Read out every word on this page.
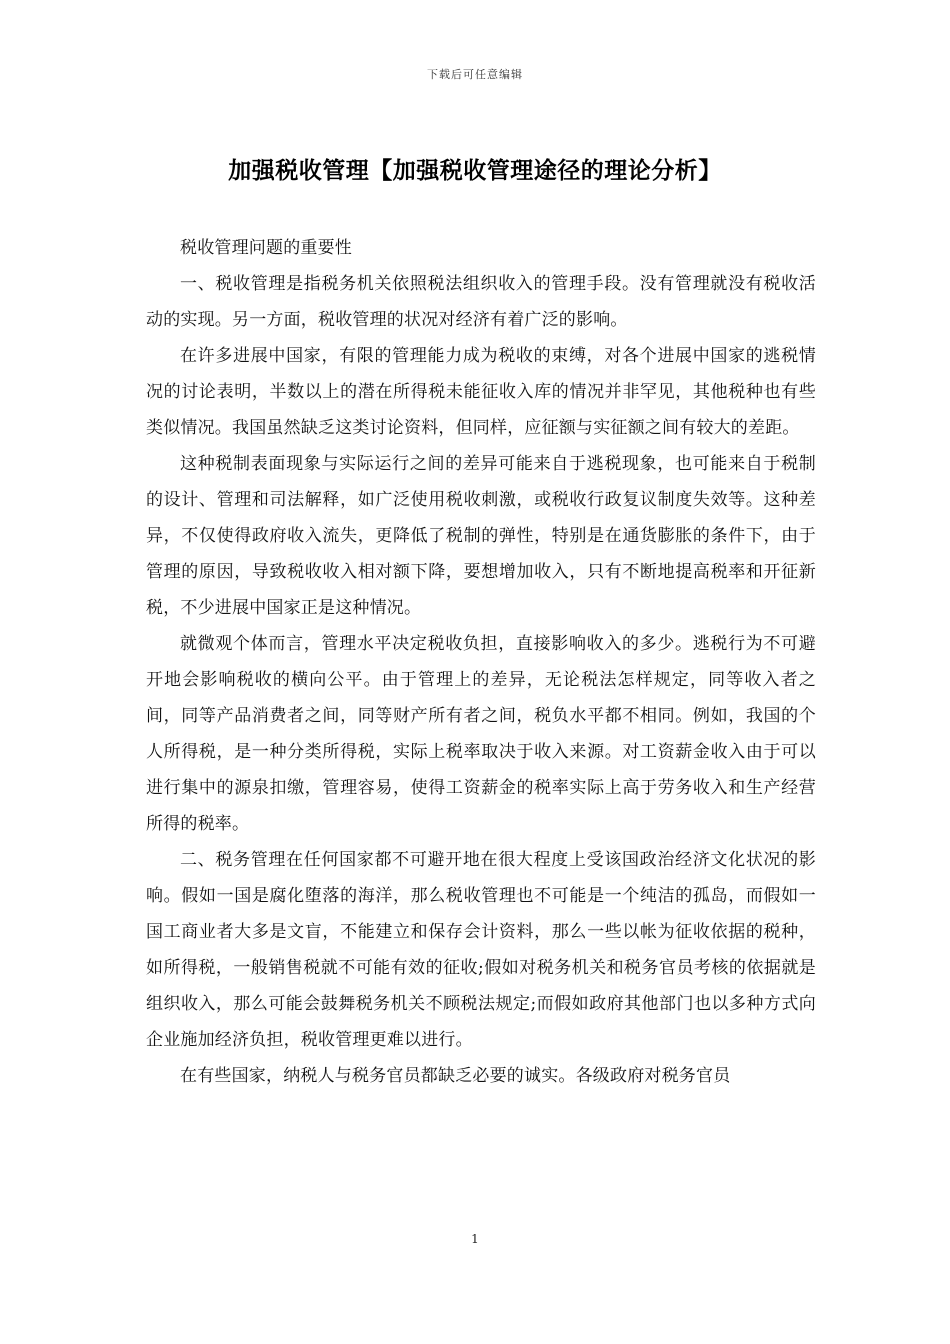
下载后可任意编辑
加强税收管理【加强税收管理途径的理论分析】

税收管理问题的重要性

一、税收管理是指税务机关依照税法组织收入的管理手段。没有管理就没有税收活动的实现。另一方面，税收管理的状况对经济有着广泛的影响。

在许多进展中国家，有限的管理能力成为税收的束缚，对各个进展中国家的逃税情况的讨论表明，半数以上的潜在所得税未能征收入库的情况并非罕见，其他税种也有些类似情况。我国虽然缺乏这类讨论资料，但同样，应征额与实征额之间有较大的差距。

这种税制表面现象与实际运行之间的差异可能来自于逃税现象，也可能来自于税制的设计、管理和司法解释，如广泛使用税收刺激，或税收行政复议制度失效等。这种差异，不仅使得政府收入流失，更降低了税制的弹性，特别是在通货膨胀的条件下，由于管理的原因，导致税收收入相对额下降，要想增加收入，只有不断地提高税率和开征新税，不少进展中国家正是这种情况。

就微观个体而言，管理水平决定税收负担，直接影响收入的多少。逃税行为不可避开地会影响税收的横向公平。由于管理上的差异，无论税法怎样规定，同等收入者之间，同等产品消费者之间，同等财产所有者之间，税负水平都不相同。例如，我国的个人所得税，是一种分类所得税，实际上税率取决于收入来源。对工资薪金收入由于可以进行集中的源泉扣缴，管理容易，使得工资薪金的税率实际上高于劳务收入和生产经营所得的税率。

二、税务管理在任何国家都不可避开地在很大程度上受该国政治经济文化状况的影响。假如一国是腐化堕落的海洋，那么税收管理也不可能是一个纯洁的孤岛，而假如一国工商业者大多是文盲，不能建立和保存会计资料，那么一些以帐为征收依据的税种，如所得税，一般销售税就不可能有效的征收;假如对税务机关和税务官员考核的依据就是组织收入，那么可能会鼓舞税务机关不顾税法规定;而假如政府其他部门也以多种方式向企业施加经济负担，税收管理更难以进行。

在有些国家，纳税人与税务官员都缺乏必要的诚实。各级政府对税务官员

1
